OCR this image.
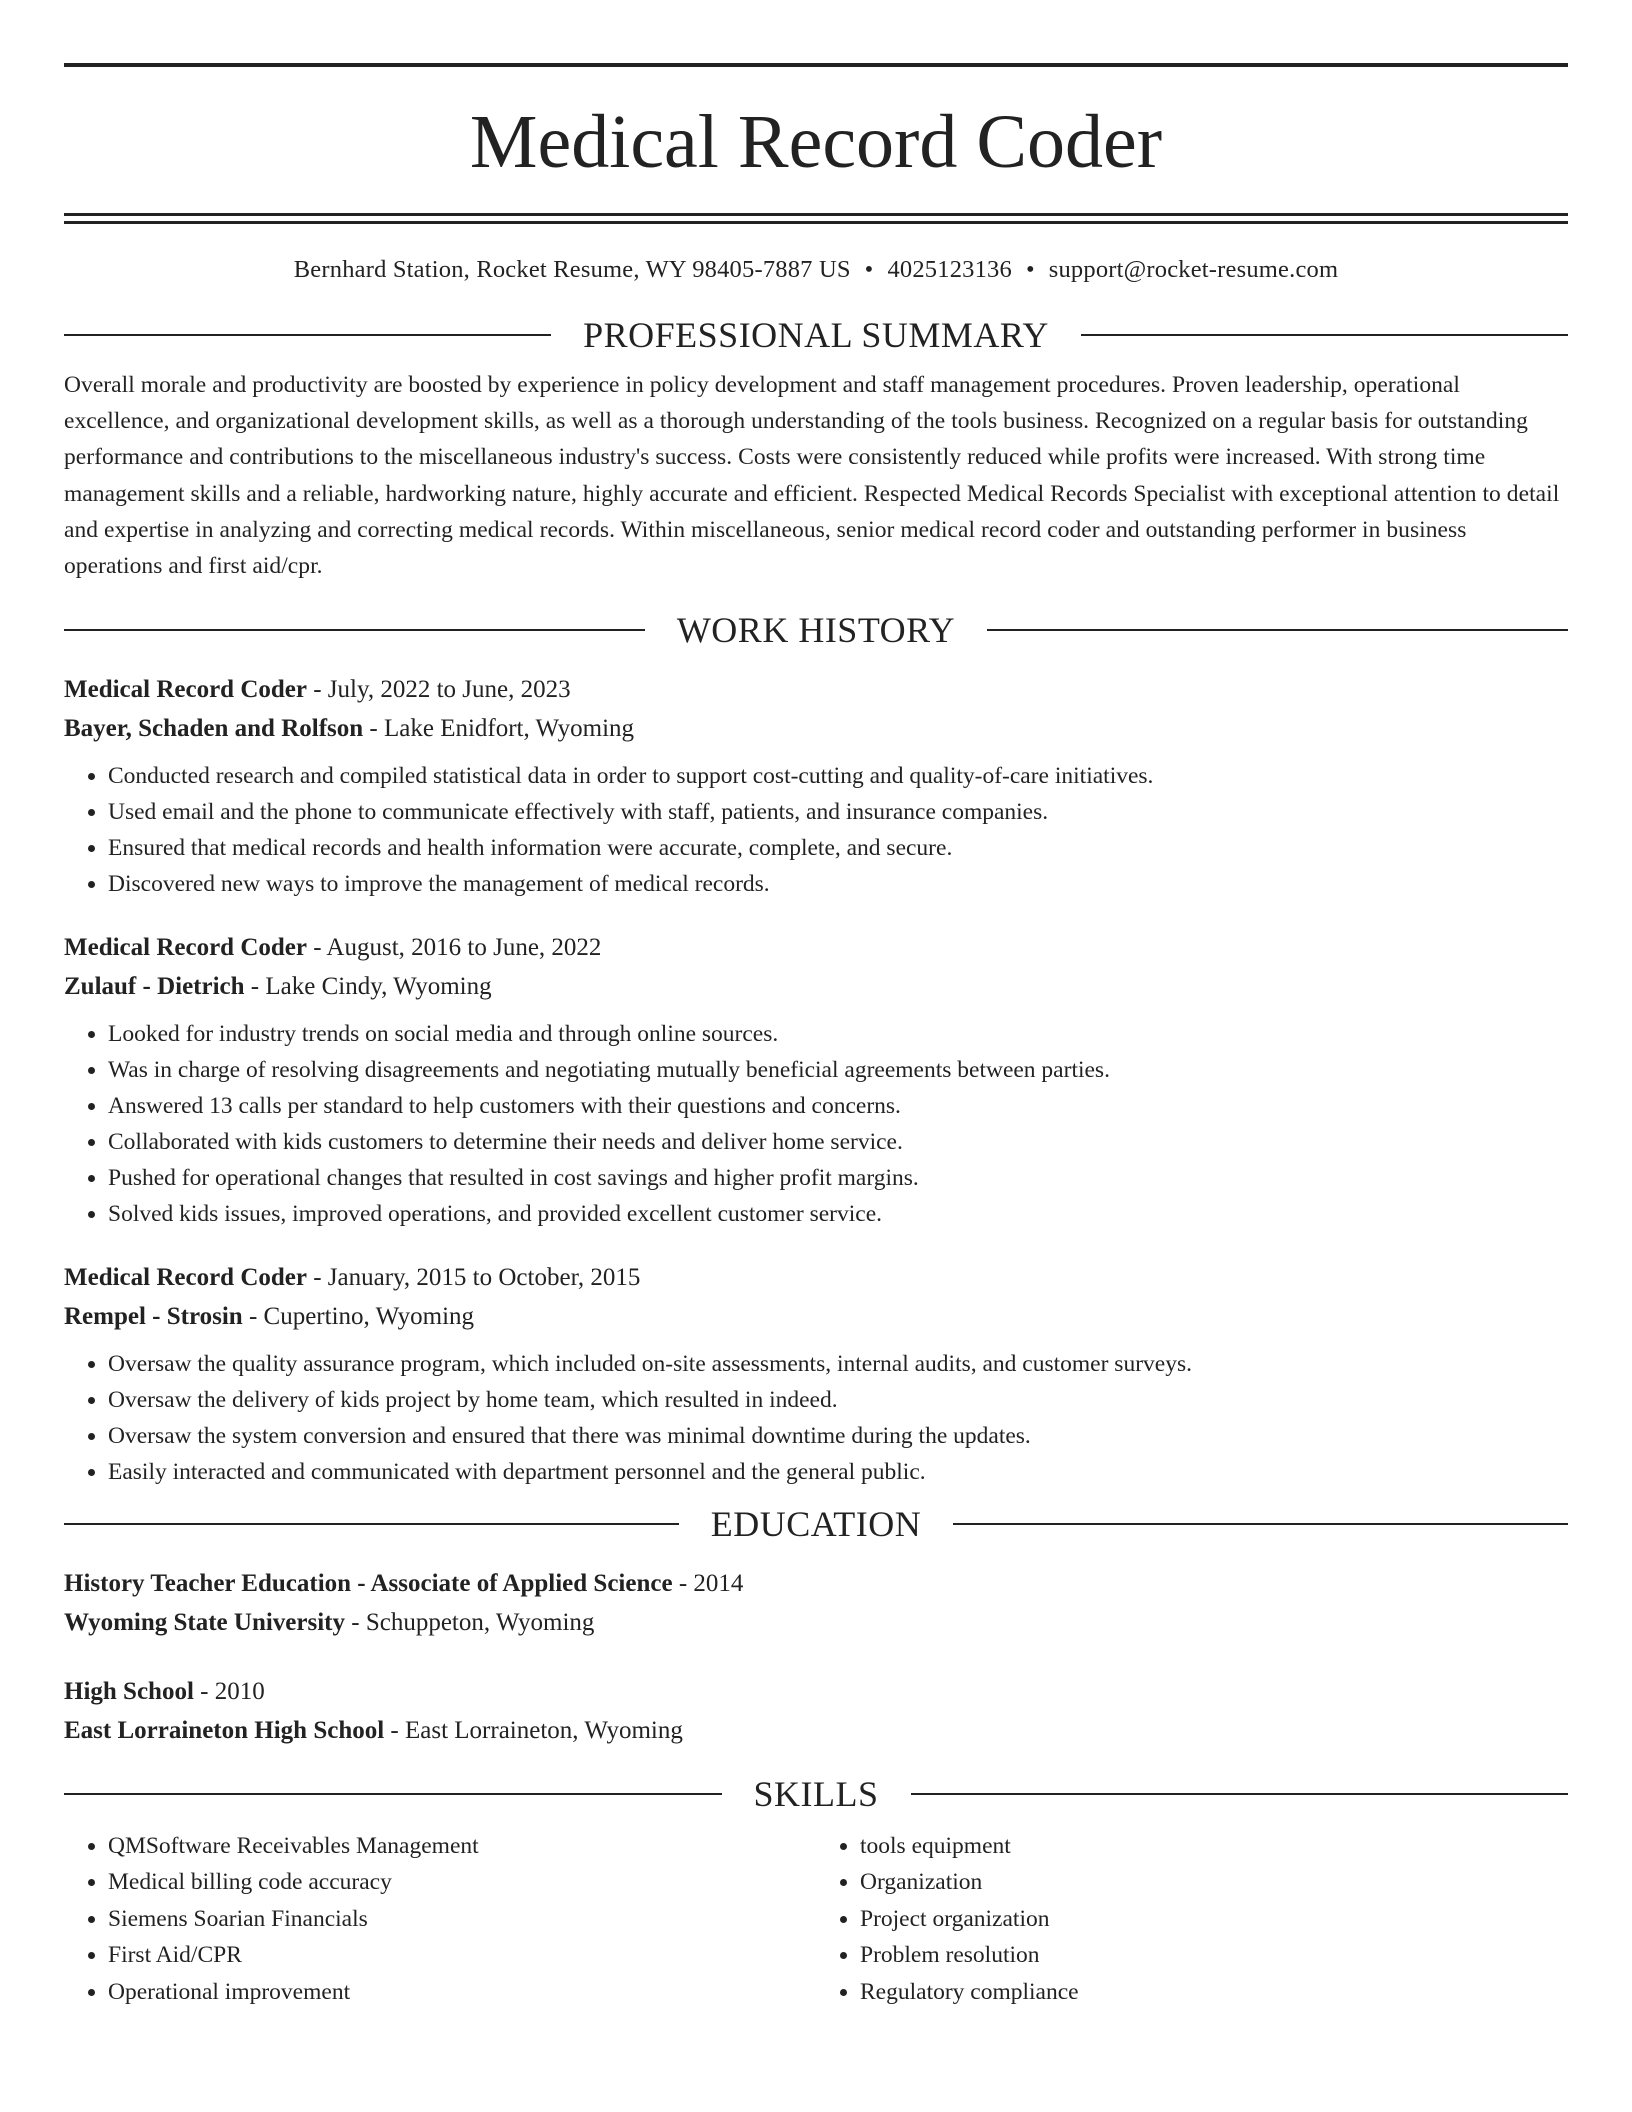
Medical Record Coder
Bernhard Station, Rocket Resume, WY 98405-7887 US • 4025123136 • support@rocket-resume.com
PROFESSIONAL SUMMARY

Overall morale and productivity are boosted by experience in policy development and staff management procedures. Proven leadership, operational excellence, and organizational development skills, as well as a thorough understanding of the tools business. Recognized on a regular basis for outstanding performance and contributions to the miscellaneous industry's success. Costs were consistently reduced while profits were increased. With strong time management skills and a reliable, hardworking nature, highly accurate and efficient. Respected Medical Records Specialist with exceptional attention to detail and expertise in analyzing and correcting medical records. Within miscellaneous, senior medical record coder and outstanding performer in business operations and first aid/cpr.

WORK HISTORY
Medical Record Coder - July, 2022 to June, 2023
Bayer, Schaden and Rolfson - Lake Enidfort, Wyoming
• Conducted research and compiled statistical data in order to support cost-cutting and quality-of-care initiatives.
• Used email and the phone to communicate effectively with staff, patients, and insurance companies.
• Ensured that medical records and health information were accurate, complete, and secure.
• Discovered new ways to improve the management of medical records.
Medical Record Coder - August, 2016 to June, 2022
Zulauf - Dietrich - Lake Cindy, Wyoming
• Looked for industry trends on social media and through online sources.
• Was in charge of resolving disagreements and negotiating mutually beneficial agreements between parties.
• Answered 13 calls per standard to help customers with their questions and concerns.
• Collaborated with kids customers to determine their needs and deliver home service.
• Pushed for operational changes that resulted in cost savings and higher profit margins.
• Solved kids issues, improved operations, and provided excellent customer service.
Medical Record Coder - January, 2015 to October, 2015
Rempel - Strosin - Cupertino, Wyoming
• Oversaw the quality assurance program, which included on-site assessments, internal audits, and customer surveys.
• Oversaw the delivery of kids project by home team, which resulted in indeed.
• Oversaw the system conversion and ensured that there was minimal downtime during the updates.
• Easily interacted and communicated with department personnel and the general public.
EDUCATION
History Teacher Education - Associate of Applied Science - 2014
Wyoming State University - Schuppeton, Wyoming
High School - 2010
East Lorraineton High School - East Lorraineton, Wyoming
SKILLS
• QMSoftware Receivables Management
• Medical billing code accuracy
• Siemens Soarian Financials
• First Aid/CPR
• Operational improvement
• tools equipment
• Organization
• Project organization
• Problem resolution
• Regulatory compliance
